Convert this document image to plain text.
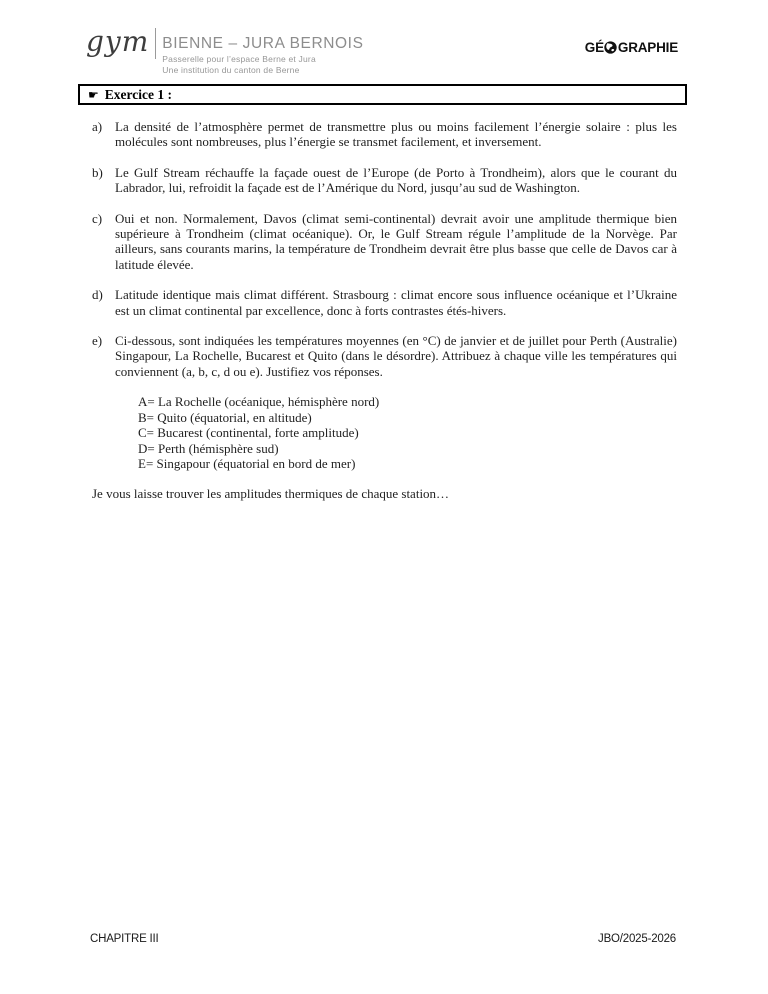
gym BIENNE – JURA BERNOIS
Passerelle pour l’espace Berne et Jura
Une institution du canton de Berne
GÉ GRAPHIE
☛ Exercice 1 :
a) La densité de l’atmosphère permet de transmettre plus ou moins facilement l’énergie solaire : plus les molécules sont nombreuses, plus l’énergie se transmet facilement, et inversement.
b) Le Gulf Stream réchauffe la façade ouest de l’Europe (de Porto à Trondheim), alors que le courant du Labrador, lui, refroidit la façade est de l’Amérique du Nord, jusqu’au sud de Washington.
c) Oui et non. Normalement, Davos (climat semi-continental) devrait avoir une amplitude thermique bien supérieure à Trondheim (climat océanique). Or, le Gulf Stream régule l’amplitude de la Norvège. Par ailleurs, sans courants marins, la température de Trondheim devrait être plus basse que celle de Davos car à latitude élevée.
d) Latitude identique mais climat différent. Strasbourg : climat encore sous influence océanique et l’Ukraine est un climat continental par excellence, donc à forts contrastes étés-hivers.
e) Ci-dessous, sont indiquées les températures moyennes (en °C) de janvier et de juillet pour Perth (Australie) Singapour, La Rochelle, Bucarest et Quito (dans le désordre). Attribuez à chaque ville les températures qui conviennent (a, b, c, d ou e). Justifiez vos réponses.
A= La Rochelle (océanique, hémisphère nord)
B= Quito (équatorial, en altitude)
C= Bucarest (continental, forte amplitude)
D= Perth (hémisphère sud)
E= Singapour (équatorial en bord de mer)
Je vous laisse trouver les amplitudes thermiques de chaque station…
CHAPITRE III	JBO/2025-2026
